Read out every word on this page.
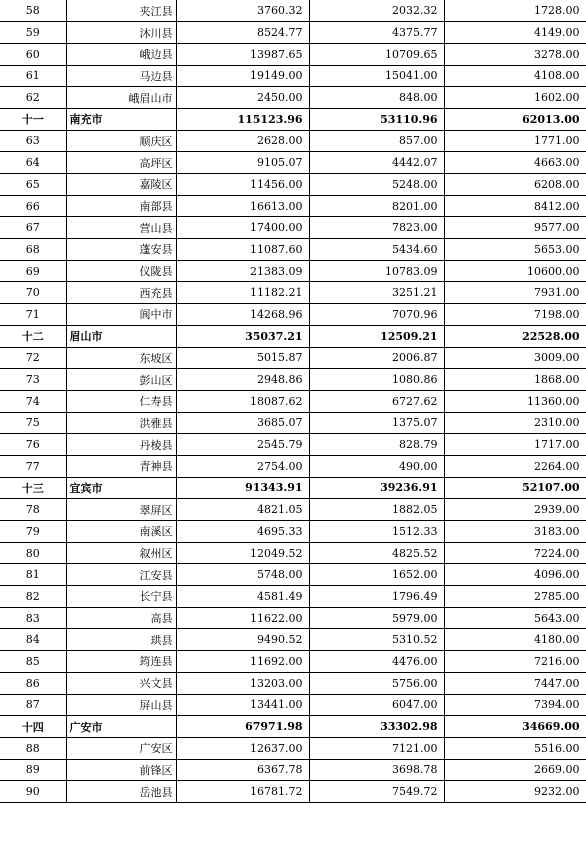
58	夹江县	3760.32	2032.32	1728.00
59	沐川县	8524.77	4375.77	4149.00
60	峨边县	13987.65	10709.65	3278.00
61	马边县	19149.00	15041.00	4108.00
62	峨眉山市	2450.00	848.00	1602.00
十一	南充市	115123.96	53110.96	62013.00
63	顺庆区	2628.00	857.00	1771.00
64	高坪区	9105.07	4442.07	4663.00
65	嘉陵区	11456.00	5248.00	6208.00
66	南部县	16613.00	8201.00	8412.00
67	营山县	17400.00	7823.00	9577.00
68	蓬安县	11087.60	5434.60	5653.00
69	仪陇县	21383.09	10783.09	10600.00
70	西充县	11182.21	3251.21	7931.00
71	阆中市	14268.96	7070.96	7198.00
十二	眉山市	35037.21	12509.21	22528.00
72	东坡区	5015.87	2006.87	3009.00
73	彭山区	2948.86	1080.86	1868.00
74	仁寿县	18087.62	6727.62	11360.00
75	洪雅县	3685.07	1375.07	2310.00
76	丹棱县	2545.79	828.79	1717.00
77	青神县	2754.00	490.00	2264.00
十三	宜宾市	91343.91	39236.91	52107.00
78	翠屏区	4821.05	1882.05	2939.00
79	南溪区	4695.33	1512.33	3183.00
80	叙州区	12049.52	4825.52	7224.00
81	江安县	5748.00	1652.00	4096.00
82	长宁县	4581.49	1796.49	2785.00
83	高县	11622.00	5979.00	5643.00
84	珙县	9490.52	5310.52	4180.00
85	筠连县	11692.00	4476.00	7216.00
86	兴文县	13203.00	5756.00	7447.00
87	屏山县	13441.00	6047.00	7394.00
十四	广安市	67971.98	33302.98	34669.00
88	广安区	12637.00	7121.00	5516.00
89	前锋区	6367.78	3698.78	2669.00
90	岳池县	16781.72	7549.72	9232.00
